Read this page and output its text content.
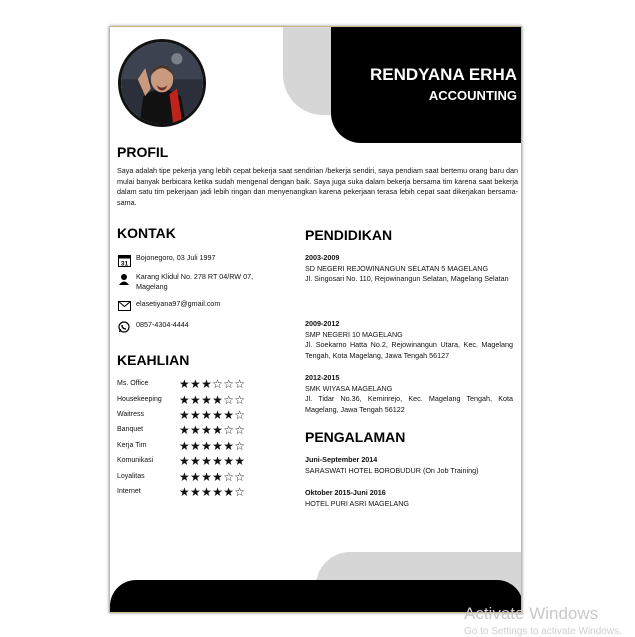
RENDYANA ERHA
ACCOUNTING
PROFIL
Saya adalah tipe pekerja yang lebih cepat bekerja saat sendirian /bekerja sendiri, saya pendiam saat bertemu orang baru dan mulai banyak berbicara ketika sudah mengenal dengan baik. Saya juga suka dalam bekerja bersama tim karena saat bekerja dalam satu tim pekerjaan jadi lebih ringan dan menyenangkan karena pekerjaan terasa lebih cepat saat dikerjakan bersama-sama.
KONTAK
31
Bojonegoro, 03 Juli 1997
Karang Klidul No. 278 RT 04/RW 07, Magelang
elasetiyana97@gmail.com
0857-4304-4444
KEAHLIAN
Ms. Office	★★★☆☆☆
Housekeeping ★★★★☆☆
Waitress	★★★★★☆
Banquet	★★★★☆☆
Kerja Tim	★★★★★☆
Komunikasi ★★★★★★
Loyalitas	★★★★☆☆
Internet	★★★★★☆
PENDIDIKAN
2003-2009
SD NEGERI REJOWINANGUN SELATAN 5 MAGELANG
Jl. Singosari No. 110, Rejowinangun Selatan, Magelang Selatan
2009-2012
SMP NEGERI 10 MAGELANG
Jl. Soekarno Hatta No.2, Rejowinangun Utara, Kec. Magelang Tengah, Kota Magelang, Jawa Tengah 56127
2012-2015
SMK WIYASA MAGELANG
Jl. Tidar No.36, Kemirirejo, Kec. Magelang Tengah, Kota Magelang, Jawa Tengah 56122
PENGALAMAN
Juni-September 2014
SARASWATI HOTEL BOROBUDUR (On Job Training)
Oktober 2015-Juni 2016
HOTEL PURI ASRI MAGELANG
Activate Windows
Go to Settings to activate Windows.
